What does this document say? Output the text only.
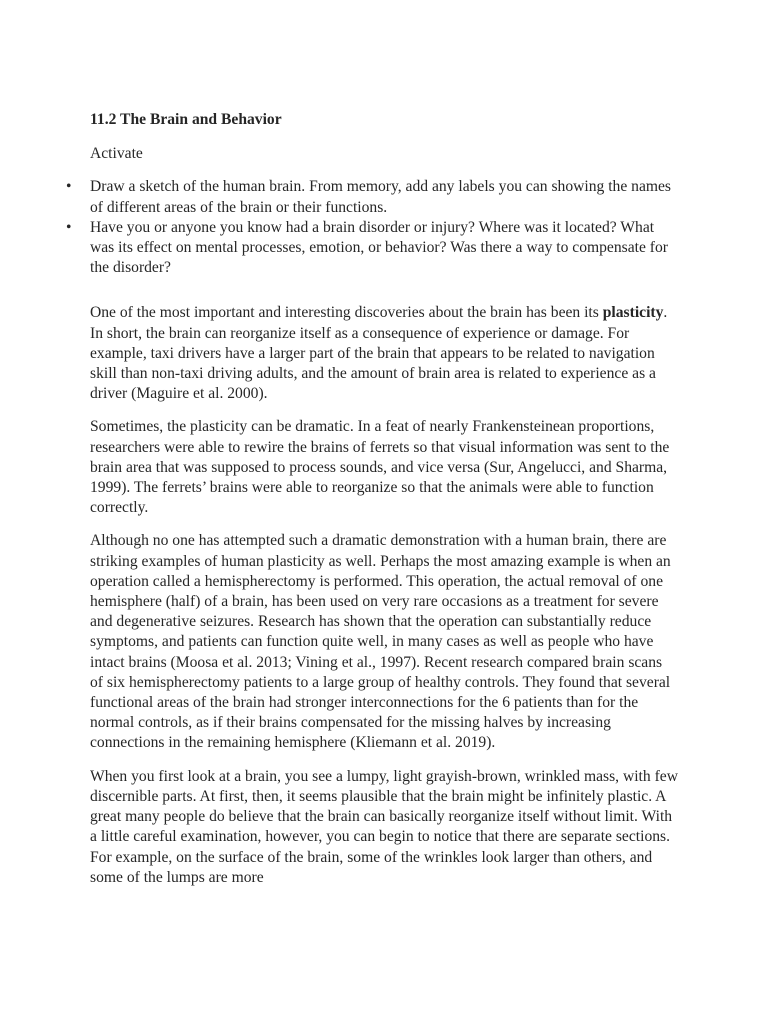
11.2 The Brain and Behavior
Activate
• Draw a sketch of the human brain. From memory, add any labels you can showing the names of different areas of the brain or their functions.
• Have you or anyone you know had a brain disorder or injury? Where was it located? What was its effect on mental processes, emotion, or behavior? Was there a way to compensate for the disorder?

One of the most important and interesting discoveries about the brain has been its plasticity. In short, the brain can reorganize itself as a consequence of experience or damage. For example, taxi drivers have a larger part of the brain that appears to be related to navigation skill than non-taxi driving adults, and the amount of brain area is related to experience as a driver (Maguire et al. 2000).

Sometimes, the plasticity can be dramatic. In a feat of nearly Frankensteinean proportions, researchers were able to rewire the brains of ferrets so that visual information was sent to the brain area that was supposed to process sounds, and vice versa (Sur, Angelucci, and Sharma, 1999). The ferrets’ brains were able to reorganize so that the animals were able to function correctly.

Although no one has attempted such a dramatic demonstration with a human brain, there are striking examples of human plasticity as well. Perhaps the most amazing example is when an operation called a hemispherectomy is performed. This operation, the actual removal of one hemisphere (half) of a brain, has been used on very rare occasions as a treatment for severe and degenerative seizures. Research has shown that the operation can substantially reduce symptoms, and patients can function quite well, in many cases as well as people who have intact brains (Moosa et al. 2013; Vining et al., 1997). Recent research compared brain scans of six hemispherectomy patients to a large group of healthy controls. They found that several functional areas of the brain had stronger interconnections for the 6 patients than for the normal controls, as if their brains compensated for the missing halves by increasing connections in the remaining hemisphere (Kliemann et al. 2019).

When you first look at a brain, you see a lumpy, light grayish-brown, wrinkled mass, with few discernible parts. At first, then, it seems plausible that the brain might be infinitely plastic. A great many people do believe that the brain can basically reorganize itself without limit. With a little careful examination, however, you can begin to notice that there are separate sections. For example, on the surface of the brain, some of the wrinkles look larger than others, and some of the lumps are more
